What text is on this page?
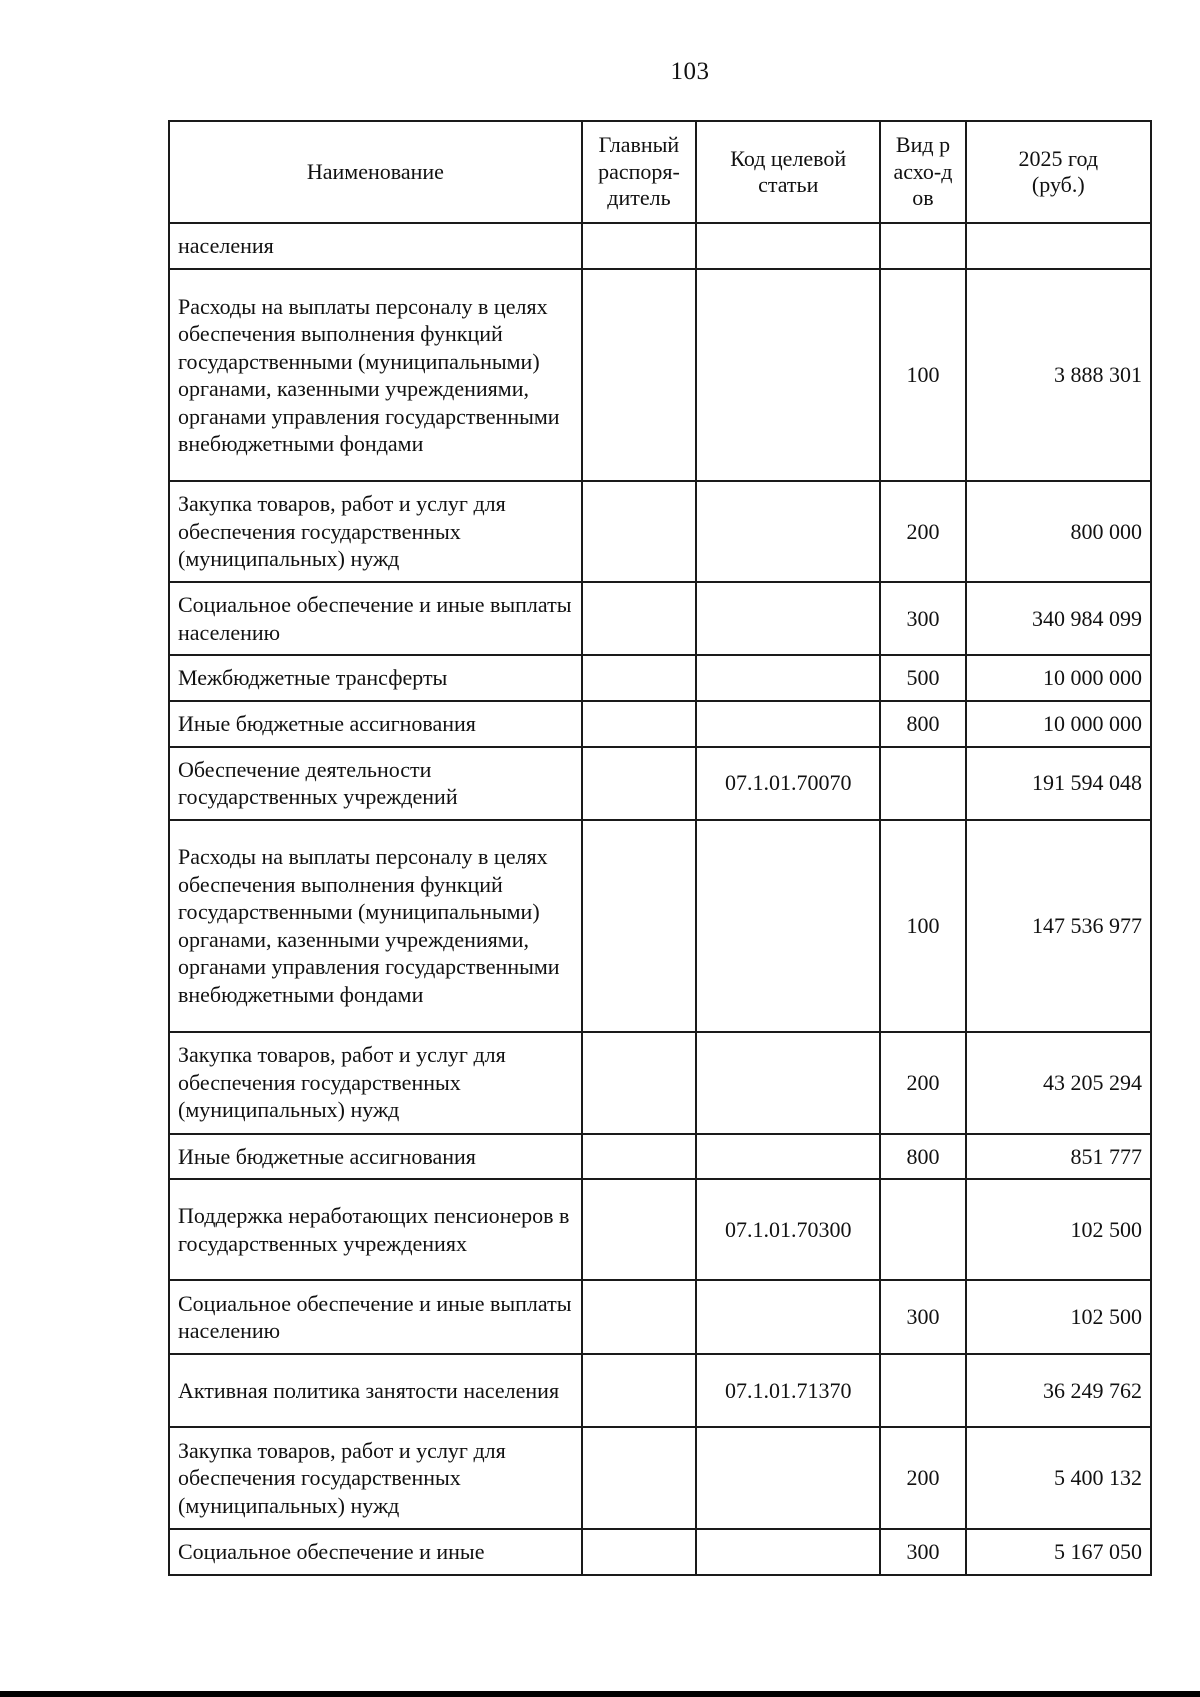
103
Наименование	Главный распоря-дитель	Код целевой статьи	Вид расхо-дов	2025 год (руб.)
населения				
Расходы на выплаты персоналу в целях обеспечения выполнения функций государственными (муниципальными) органами, казенными учреждениями, органами управления государственными внебюджетными фондами			100	3 888 301
Закупка товаров, работ и услуг для обеспечения государственных (муниципальных) нужд			200	800 000
Социальное обеспечение и иные выплаты населению			300	340 984 099
Межбюджетные трансферты			500	10 000 000
Иные бюджетные ассигнования			800	10 000 000
Обеспечение деятельности государственных учреждений		07.1.01.70070		191 594 048
Расходы на выплаты персоналу в целях обеспечения выполнения функций государственными (муниципальными) органами, казенными учреждениями, органами управления государственными внебюджетными фондами			100	147 536 977
Закупка товаров, работ и услуг для обеспечения государственных (муниципальных) нужд			200	43 205 294
Иные бюджетные ассигнования			800	851 777
Поддержка неработающих пенсионеров в государственных учреждениях		07.1.01.70300		102 500
Социальное обеспечение и иные выплаты населению			300	102 500
Активная политика занятости населения		07.1.01.71370		36 249 762
Закупка товаров, работ и услуг для обеспечения государственных (муниципальных) нужд			200	5 400 132
Социальное обеспечение и иные			300	5 167 050
